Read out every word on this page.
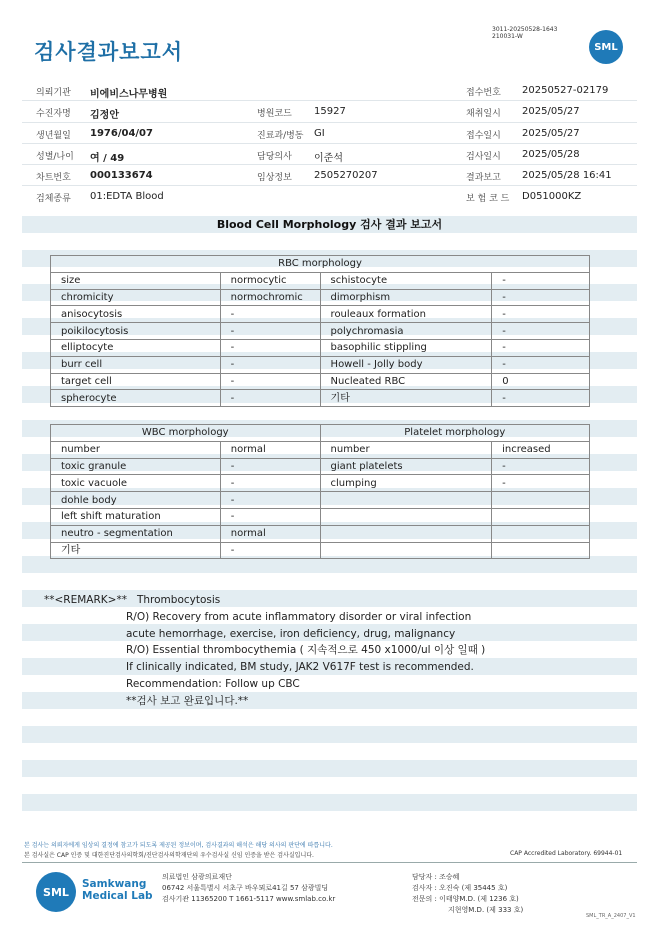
검사결과보고서
3011-20250528-1643
210031-W
SML
의뢰기관 비에비스나무병원	접수번호 20250527-02179
수진자명 김정안	병원코드 15927	채취일시 2025/05/27
생년월일 1976/04/07	진료과/병동 GI	접수일시 2025/05/27
성별/나이 여 / 49	담당의사 이준석	검사일시 2025/05/28
차트번호 000133674	임상정보 2505270207	결과보고 2025/05/28 16:41
검체종류 01:EDTA Blood	보 험 코 드 D051000KZ
Blood Cell Morphology 검사 결과 보고서
RBC morphology			
size	normocytic	schistocyte	-
chromicity	normochromic	dimorphism	-
anisocytosis	-	rouleaux formation	-
poikilocytosis	-	polychromasia	-
elliptocyte	-	basophilic stippling	-
burr cell	-	Howell - Jolly body	-
target cell	-	Nucleated RBC	0
spherocyte	-	기타	-
WBC morphology		Platelet morphology	
number	normal	number	increased
toxic granule	-	giant platelets	-
toxic vacuole	-	clumping	-
dohle body	-		
left shift maturation	-		
neutro - segmentation	normal		
기타	-		
**<REMARK>** Thrombocytosis
R/O) Recovery from acute inflammatory disorder or viral infection
acute hemorrhage, exercise, iron deficiency, drug, malignancy
R/O) Essential thrombocythemia ( 지속적으로 450 x1000/ul 이상 일때 )
If clinically indicated, BM study, JAK2 V617F test is recommended.
Recommendation: Follow up CBC
**검사 보고 완료입니다.**
본 검사는 의뢰자에게 임상의 결정에 참고가 되도록 제공된 정보이며, 검사결과의 해석은 해당 의사의 판단에 따릅니다.
본 검사실은 CAP 인증 및 대한진단검사의학회/진단검사의학재단의 우수검사실 신임 인증을 받은 검사실입니다.	CAP Accredited Laboratory. 69944-01
SML
Samkwang
Medical Lab
의료법인 삼광의료재단
06742 서울특별시 서초구 바우뫼로41길 57 삼광빌딩
검사기관 11365200 T 1661-5117 www.smlab.co.kr
담당자 : 조승혜
검사자 : 오진숙 (제 35445 호)
전문의 : 이태양M.D. (제 1236 호)
지현영M.D. (제 333 호)
SML_TR_A_2407_V1
